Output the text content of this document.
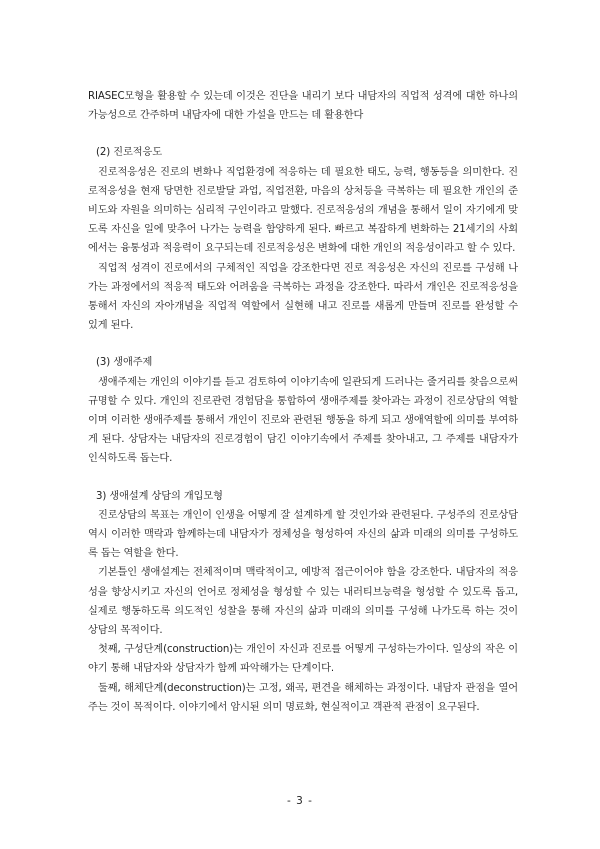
RIASEC모형을 활용할 수 있는데 이것은 진단을 내리기 보다 내담자의 직업적 성격에 대한 하나의 가능성으로 간주하며 내담자에 대한 가설을 만드는 데 활용한다

(2) 진로적응도

진로적응성은 진로의 변화나 직업환경에 적응하는 데 필요한 태도, 능력, 행동등을 의미한다. 진로적응성을 현재 당면한 진로발달 과업, 직업전환, 마음의 상처등을 극복하는 데 필요한 개인의 준비도와 자원을 의미하는 심리적 구인이라고 말했다. 진로적응성의 개념을 통해서 일이 자기에게 맞도록 자신을 일에 맞추어 나가는 능력을 함양하게 된다. 빠르고 복잡하게 변화하는 21세기의 사회에서는 융통성과 적응력이 요구되는데 진로적응성은 변화에 대한 개인의 적응성이라고 할 수 있다.

직업적 성격이 진로에서의 구체적인 직업을 강조한다면 진로 적응성은 자신의 진로를 구성해 나가는 과정에서의 적응적 태도와 어려움을 극복하는 과정을 강조한다. 따라서 개인은 진로적응성을 통해서 자신의 자아개념을 직업적 역할에서 실현해 내고 진로를 새롭게 만들며 진로를 완성할 수 있게 된다.

(3) 생애주제

생애주제는 개인의 이야기를 듣고 검토하여 이야기속에 일관되게 드러나는 줄거리를 찾음으로써 규명할 수 있다. 개인의 진로관련 경험담을 통합하여 생애주제를 찾아과는 과정이 진로상담의 역할이며 이러한 생애주제를 통해서 개인이 진로와 관련된 행동을 하게 되고 생애역할에 의미를 부여하게 된다. 상담자는 내담자의 진로경험이 담긴 이야기속에서 주제를 찾아내고, 그 주제를 내담자가 인식하도록 돕는다.

3) 생애설계 상담의 개입모형

진로상담의 목표는 개인이 인생을 어떻게 잘 설계하게 할 것인가와 관련된다. 구성주의 진로상담 역시 이러한 맥락과 함께하는데 내담자가 정체성을 형성하여 자신의 삶과 미래의 의미를 구성하도록 돕는 역할을 한다.

기본틀인 생애설계는 전체적이며 맥락적이고, 예방적 접근이어야 함을 강조한다. 내담자의 적응성을 향상시키고 자신의 언어로 정체성을 형성할 수 있는 내러티브능력을 형성할 수 있도록 돕고, 실제로 행동하도록 의도적인 성찰을 통해 자신의 삶과 미래의 의미를 구성해 나가도록 하는 것이 상담의 목적이다.

첫째, 구성단계(construction)는 개인이 자신과 진로를 어떻게 구성하는가이다. 일상의 작은 이야기 통해 내담자와 상담자가 함께 파악해가는 단계이다.

둘째, 해체단계(deconstruction)는 고정, 왜곡, 편견을 해체하는 과정이다. 내담자 관점을 열어주는 것이 목적이다. 이야기에서 암시된 의미 명료화, 현실적이고 객관적 관점이 요구된다.

- 3 -
